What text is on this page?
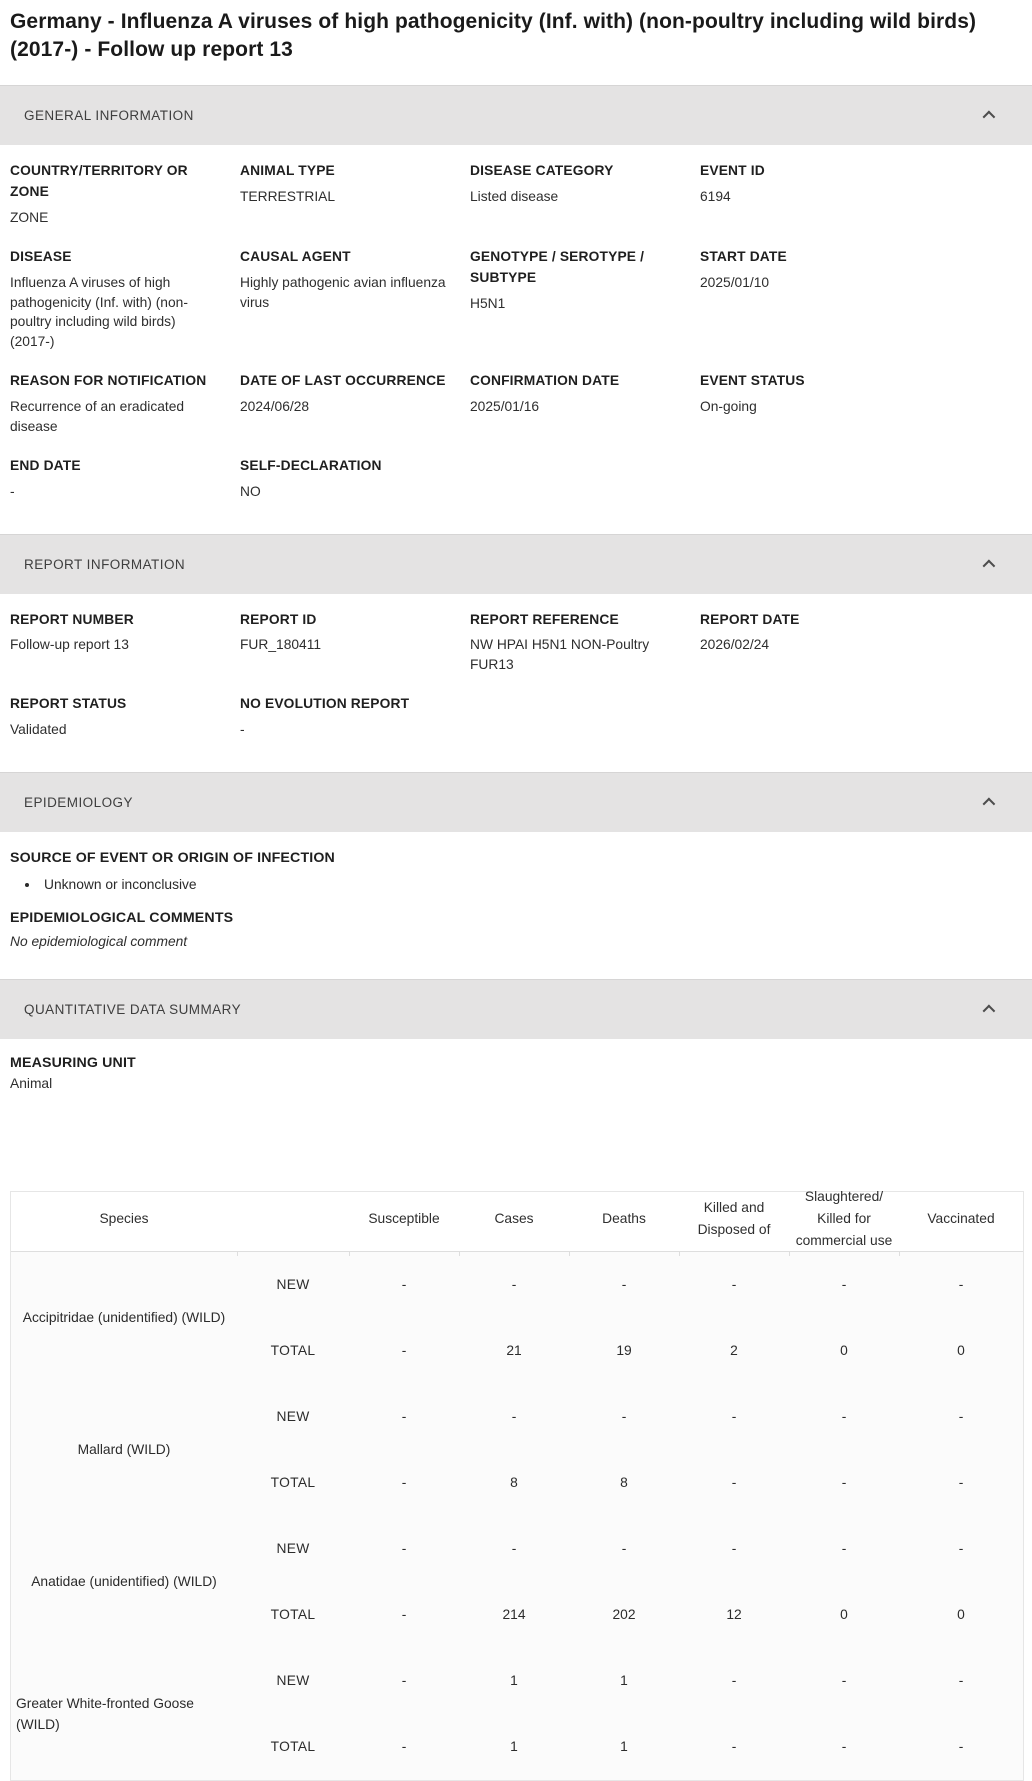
Germany - Influenza A viruses of high pathogenicity (Inf. with) (non-poultry including wild birds) (2017-) - Follow up report 13
GENERAL INFORMATION
COUNTRY/TERRITORY OR ZONE
ZONE
ANIMAL TYPE
TERRESTRIAL
DISEASE CATEGORY
Listed disease
EVENT ID
6194
DISEASE
Influenza A viruses of high pathogenicity (Inf. with) (non-poultry including wild birds) (2017-)
CAUSAL AGENT
Highly pathogenic avian influenza virus
GENOTYPE / SEROTYPE / SUBTYPE
H5N1
START DATE
2025/01/10
REASON FOR NOTIFICATION
Recurrence of an eradicated disease
DATE OF LAST OCCURRENCE
2024/06/28
CONFIRMATION DATE
2025/01/16
EVENT STATUS
On-going
END DATE
-
SELF-DECLARATION
NO
REPORT INFORMATION
REPORT NUMBER
Follow-up report 13
REPORT ID
FUR_180411
REPORT REFERENCE
NW HPAI H5N1 NON-Poultry FUR13
REPORT DATE
2026/02/24
REPORT STATUS
Validated
NO EVOLUTION REPORT
-
EPIDEMIOLOGY
SOURCE OF EVENT OR ORIGIN OF INFECTION
• Unknown or inconclusive
EPIDEMIOLOGICAL COMMENTS
No epidemiological comment
QUANTITATIVE DATA SUMMARY
MEASURING UNIT
Animal
Species		Susceptible	Cases	Deaths	Killed and Disposed of	Slaughtered/ Killed for commercial use	Vaccinated

Accipitridae (unidentified) (WILD)	NEW	-	-	-	-	-	-
	TOTAL	-	21	19	2	0	0

Mallard (WILD)	NEW	-	-	-	-	-	-
	TOTAL	-	8	8	-	-	-

Anatidae (unidentified) (WILD)	NEW	-	-	-	-	-	-
	TOTAL	-	214	202	12	0	0

Greater White-fronted Goose (WILD)	NEW	-	1	1	-	-	-
	TOTAL	-	1	1	-	-	-
